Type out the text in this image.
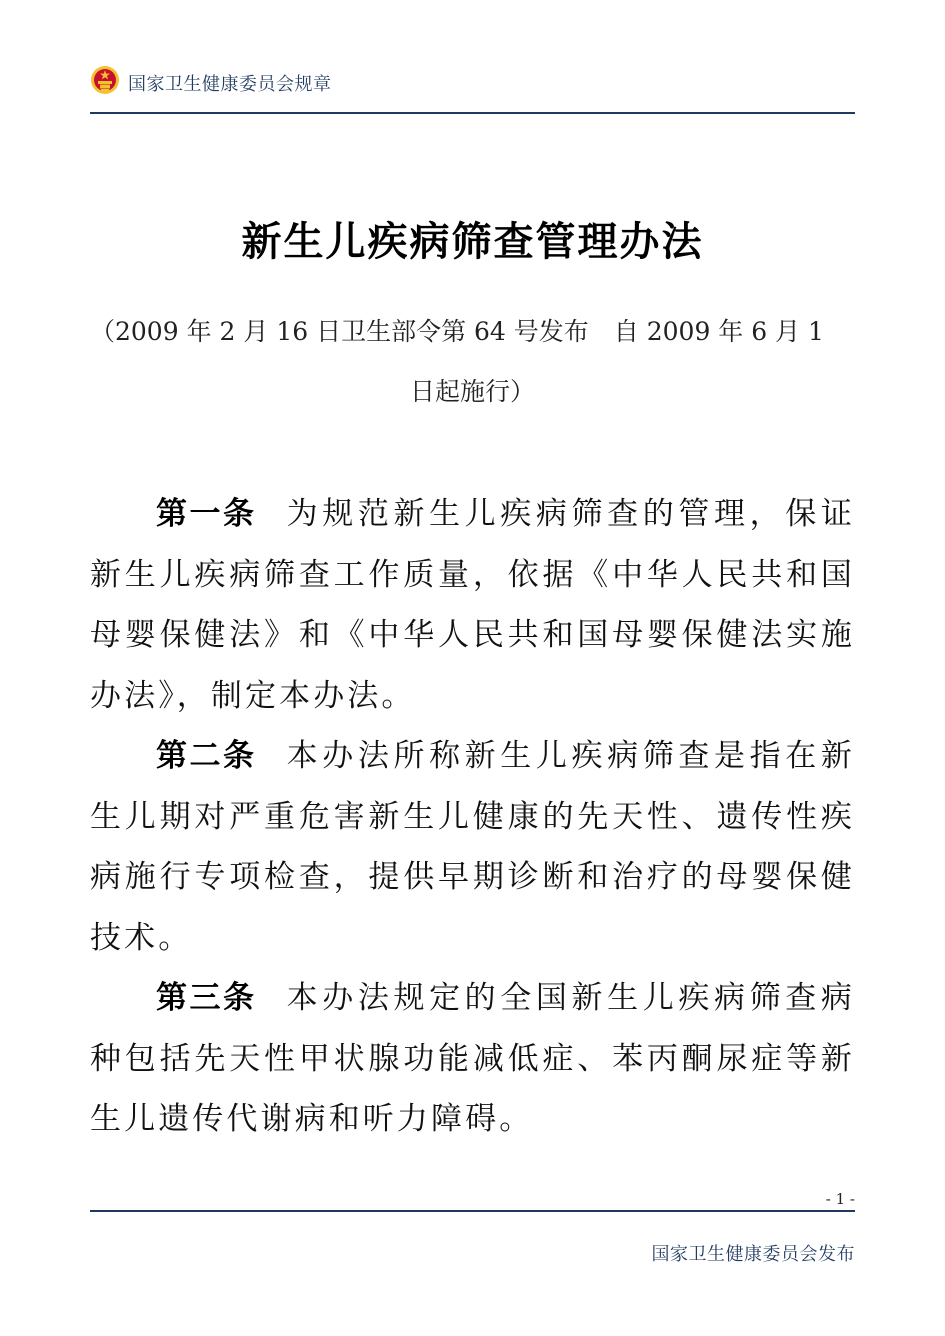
国家卫生健康委员会规章
新生儿疾病筛查管理办法
（2009 年 2 月 16 日卫生部令第 64 号发布　自 2009 年 6 月 1
日起施行）

第一条 为规范新生儿疾病筛查的管理，保证新生儿疾病筛查工作质量，依据《中华人民共和国母婴保健法》和《中华人民共和国母婴保健法实施办法》，制定本办法。

第二条 本办法所称新生儿疾病筛查是指在新生儿期对严重危害新生儿健康的先天性、遗传性疾病施行专项检查，提供早期诊断和治疗的母婴保健技术。

第三条 本办法规定的全国新生儿疾病筛查病种包括先天性甲状腺功能减低症、苯丙酮尿症等新生儿遗传代谢病和听力障碍。

- 1 -
国家卫生健康委员会发布
